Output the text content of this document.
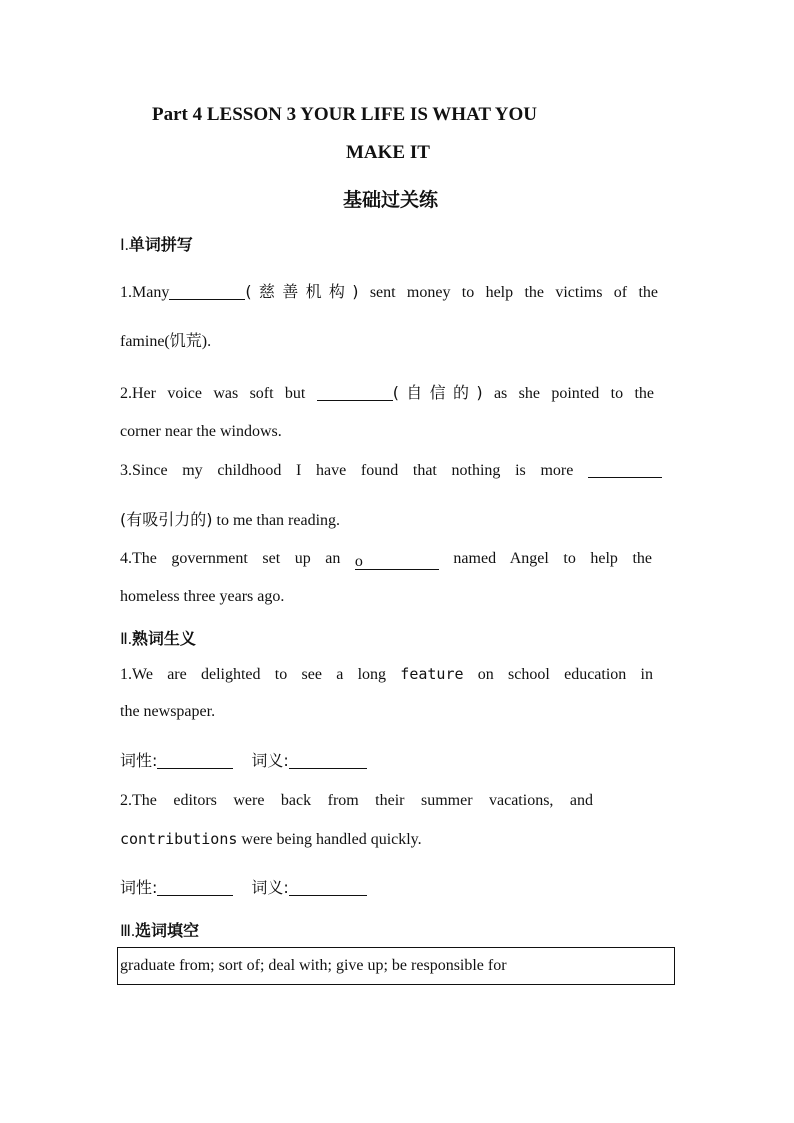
Part 4 LESSON 3 YOUR LIFE IS WHAT YOU
MAKE IT
基础过关练
Ⅰ.单词拼写
1.Many	(慈善机构) sent money to help the victims of the
famine(饥荒).
2.Her voice was soft but	(自信的) as she pointed to the
corner near the windows.
3.Since my childhood I have found that nothing is more
(有吸引力的) to me than reading.
4.The government set up an o	named Angel to help the
homeless three years ago.
Ⅱ.熟词生义
1.We are delighted to see a long feature on school education in
the newspaper.
词性:	词义:
2.The editors were back from their summer vacations, and
contributions were being handled quickly.
词性:	词义:
Ⅲ.选词填空
graduate from; sort of; deal with; give up; be responsible for
